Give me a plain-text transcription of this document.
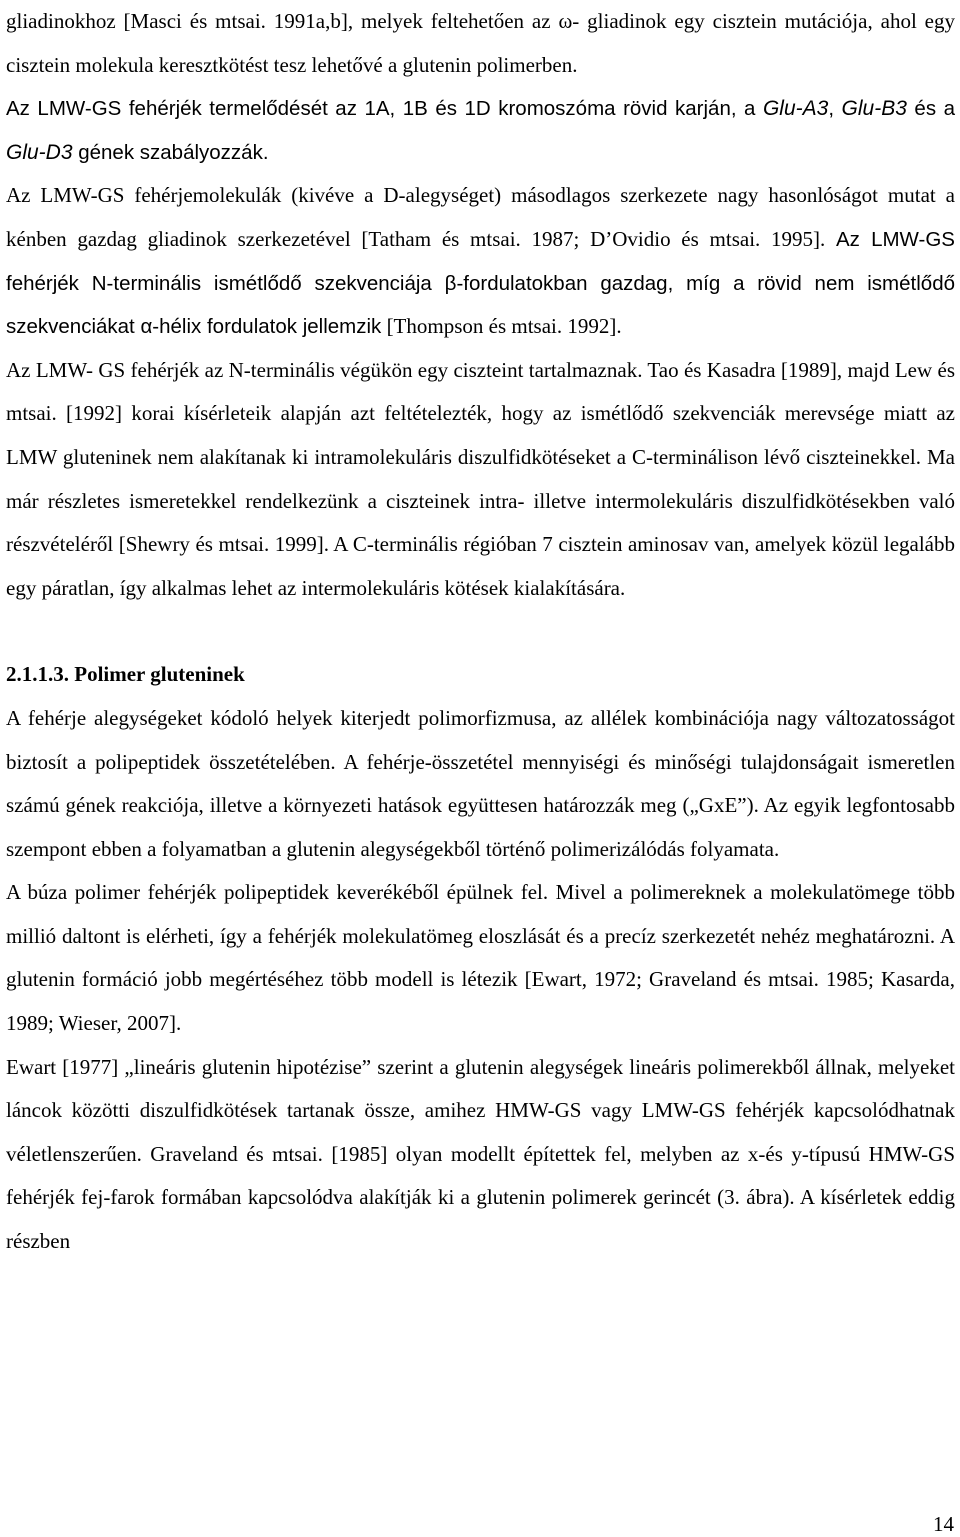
gliadinokhoz [Masci és mtsai. 1991a,b], melyek feltehetően az ω- gliadinok egy cisztein mutációja, ahol egy cisztein molekula keresztkötést tesz lehetővé a glutenin polimerben.

Az LMW-GS fehérjék termelődését az 1A, 1B és 1D kromoszóma rövid karján, a Glu-A3, Glu-B3 és a Glu-D3 gének szabályozzák.

Az LMW-GS fehérjemolekulák (kivéve a D-alegységet) másodlagos szerkezete nagy hasonlóságot mutat a kénben gazdag gliadinok szerkezetével [Tatham és mtsai. 1987; D’Ovidio és mtsai. 1995]. Az LMW-GS fehérjék N-terminális ismétlődő szekvenciája β-fordulatokban gazdag, míg a rövid nem ismétlődő szekvenciákat α-hélix fordulatok jellemzik [Thompson és mtsai. 1992].

Az LMW- GS fehérjék az N-terminális végükön egy ciszteint tartalmaznak. Tao és Kasadra [1989], majd Lew és mtsai. [1992] korai kísérleteik alapján azt feltételezték, hogy az ismétlődő szekvenciák merevsége miatt az LMW gluteninek nem alakítanak ki intramolekuláris diszulfidkötéseket a C-terminálison lévő ciszteinekkel. Ma már részletes ismeretekkel rendelkezünk a ciszteinek intra- illetve intermolekuláris diszulfidkötésekben való részvételéről [Shewry és mtsai. 1999]. A C-terminális régióban 7 cisztein aminosav van, amelyek közül legalább egy páratlan, így alkalmas lehet az intermolekuláris kötések kialakítására.

2.1.1.3. Polimer gluteninek

A fehérje alegységeket kódoló helyek kiterjedt polimorfizmusa, az allélek kombinációja nagy változatosságot biztosít a polipeptidek összetételében. A fehérje-összetétel mennyiségi és minőségi tulajdonságait ismeretlen számú gének reakciója, illetve a környezeti hatások együttesen határozzák meg („GxE”). Az egyik legfontosabb szempont ebben a folyamatban a glutenin alegységekből történő polimerizálódás folyamata.

A búza polimer fehérjék polipeptidek keverékéből épülnek fel. Mivel a polimereknek a molekulatömege több millió daltont is elérheti, így a fehérjék molekulatömeg eloszlását és a precíz szerkezetét nehéz meghatározni. A glutenin formáció jobb megértéséhez több modell is létezik [Ewart, 1972; Graveland és mtsai. 1985; Kasarda, 1989; Wieser, 2007].

Ewart [1977] „lineáris glutenin hipotézise” szerint a glutenin alegységek lineáris polimerekből állnak, melyeket láncok közötti diszulfidkötések tartanak össze, amihez HMW-GS vagy LMW-GS fehérjék kapcsolódhatnak véletlenszerűen. Graveland és mtsai. [1985] olyan modellt építettek fel, melyben az x-és y-típusú HMW-GS fehérjék fej-farok formában kapcsolódva alakítják ki a glutenin polimerek gerincét (3. ábra). A kísérletek eddig részben

14
